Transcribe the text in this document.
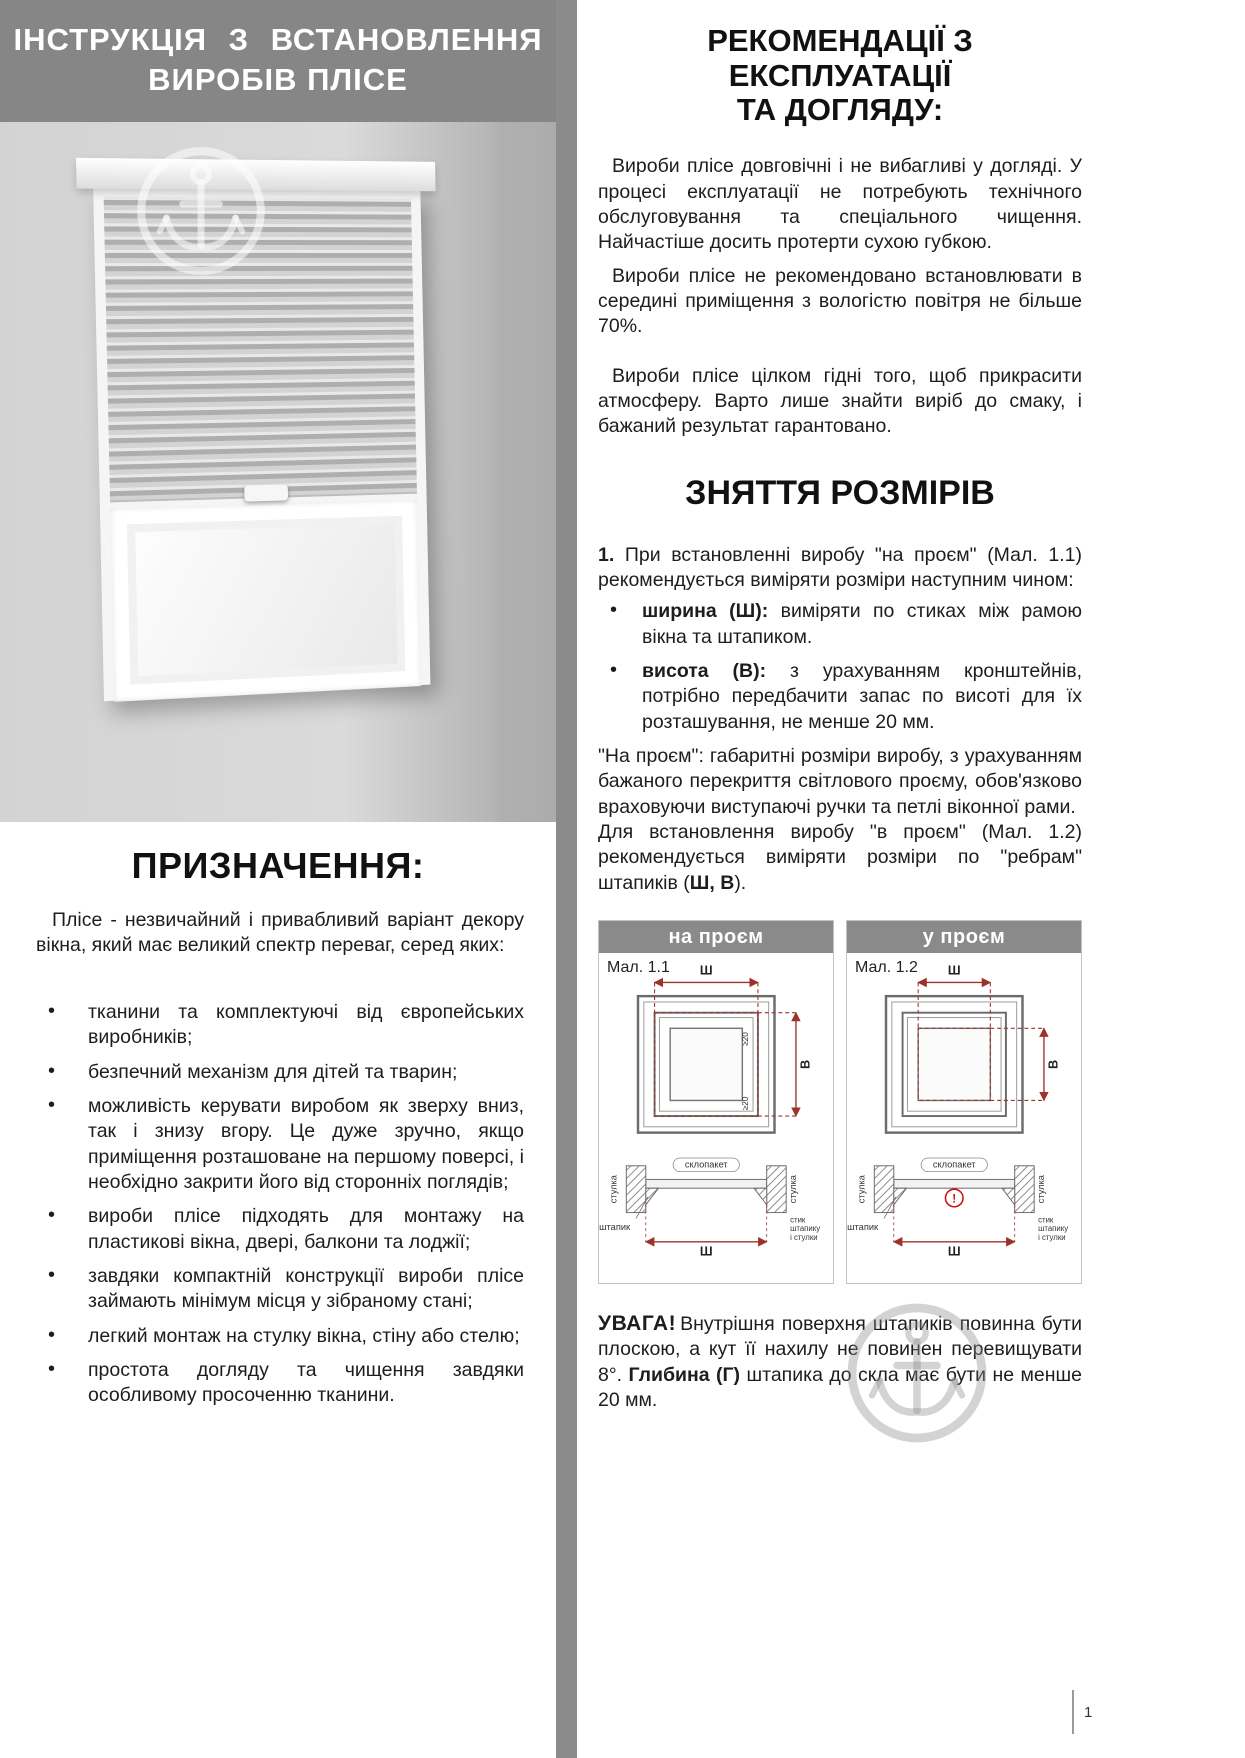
ІНСТРУКЦІЯ З ВСТАНОВЛЕННЯ
ВИРОБІВ ПЛІСЕ
ПРИЗНАЧЕННЯ:

Плісе - незвичайний і привабливий варіант декору вікна, який має великий спектр переваг, серед яких:

•	тканини та комплектуючі від європейських виробників;
•	безпечний механізм для дітей та тварин;
•	можливість керувати виробом як зверху вниз, так і знизу вгору. Це дуже зручно, якщо приміщення розташоване на першому поверсі, і необхідно закрити його від сторонніх поглядів;
•	вироби плісе підходять для монтажу на пластикові вікна, двері, балкони та лоджії;
•	завдяки компактній конструкції вироби плісе займають мінімум місця у зібраному стані;
•	легкий монтаж на стулку вікна, стіну або стелю;
•	простота догляду та чищення завдяки особливому просоченню тканини.
РЕКОМЕНДАЦІЇ З ЕКСПЛУАТАЦІЇ
ТА ДОГЛЯДУ:

Вироби плісе довговічні і не вибагливі у догляді. У процесі експлуатації не потребують технічного обслуговування та спеціального чищення. Найчастіше досить протерти сухою губкою.

Вироби плісе не рекомендовано встановлювати в середині приміщення з вологістю повітря не більше 70%.

Вироби плісе цілком гідні того, щоб прикрасити атмосферу. Варто лише знайти виріб до смаку, і бажаний результат гарантовано.

ЗНЯТТЯ РОЗМІРІВ

1. При встановленні виробу "на проєм" (Мал. 1.1) рекомендується виміряти розміри наступним чином:

•	ширина (Ш): виміряти по стиках між рамою вікна та штапиком.
•	висота (В): з урахуванням кронштейнів, потрібно передбачити запас по висоті для їх розташування, не менше 20 мм.

"На проєм": габаритні розміри виробу, з урахуванням бажаного перекриття світлового проєму, обов'язково враховуючи виступаючі ручки та петлі віконної рами.

Для встановлення виробу "в проєм" (Мал. 1.2) рекомендується виміряти розміри по "ребрам" штапиків (Ш, В).

на проєм
Мал. 1.1 Ш
В
≥20
≥20
склопакет
стулка	стулка
штапик
Ш
стик штапику і стулки
у проєм
Мал. 1.2 Ш
В
склопакет
стулка	стулка
штапик
!
Ш
стик штапику і стулки

УВАГА! Внутрішня поверхня штапиків повинна бути плоскою, а кут її нахилу не повинен перевищувати 8°. Глибина (Г) штапика до скла має бути не менше 20 мм.

1
